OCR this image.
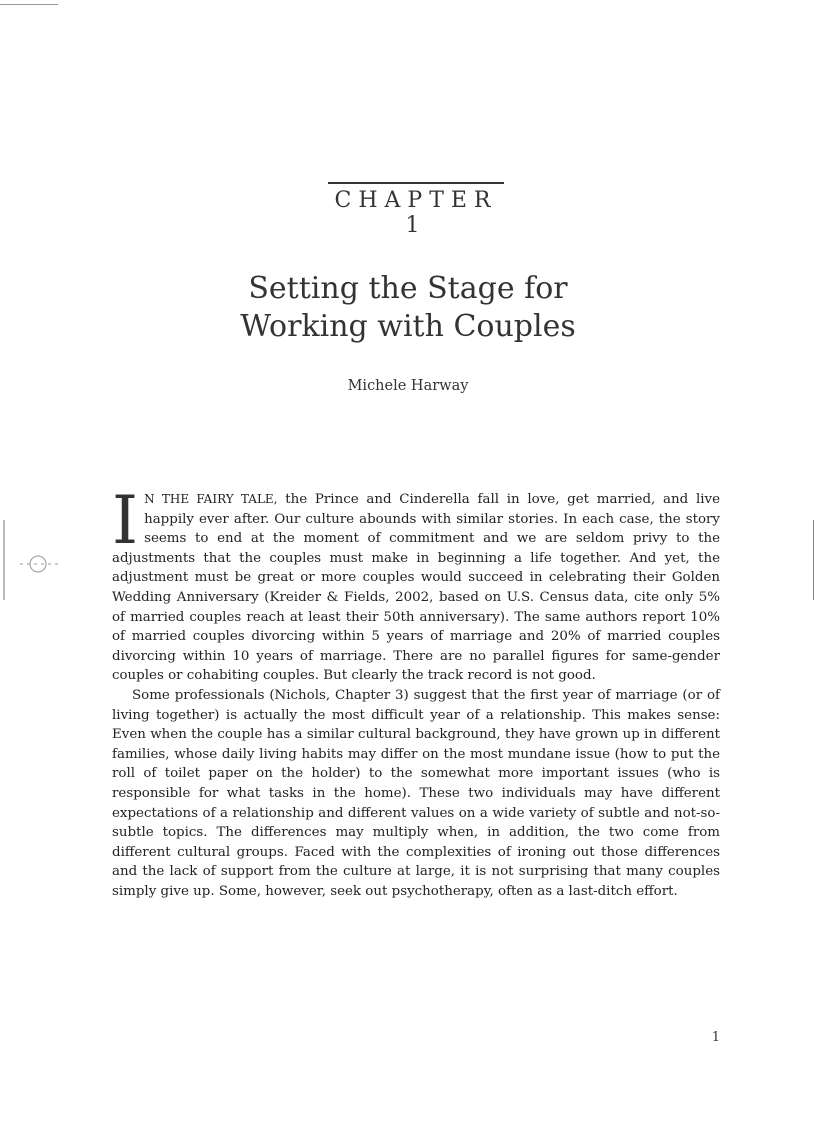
CHAPTER 1
Setting the Stage for
Working with Couples
Michele Harway

I N THE FAIRY TALE, the Prince and Cinderella fall in love, get married, and live happily ever after. Our culture abounds with similar stories. In each case, the story seems to end at the moment of commitment and we are seldom privy to the adjustments that the couples must make in beginning a life together. And yet, the adjustment must be great or more couples would succeed in celebrating their Golden Wedding Anniversary (Kreider & Fields, 2002, based on U.S. Census data, cite only 5% of married couples reach at least their 50th anniversary). The same authors report 10% of married couples divorcing within 5 years of marriage and 20% of married couples divorcing within 10 years of marriage. There are no parallel figures for same-gender couples or cohabiting couples. But clearly the track record is not good.

Some professionals (Nichols, Chapter 3) suggest that the first year of marriage (or of living together) is actually the most difficult year of a relationship. This makes sense: Even when the couple has a similar cultural background, they have grown up in different families, whose daily living habits may differ on the most mundane issue (how to put the roll of toilet paper on the holder) to the somewhat more important issues (who is responsible for what tasks in the home). These two individuals may have different expectations of a relationship and different values on a wide variety of subtle and not-so-subtle topics. The differences may multiply when, in addition, the two come from different cultural groups. Faced with the complexities of ironing out those differences and the lack of support from the culture at large, it is not surprising that many couples simply give up. Some, however, seek out psychotherapy, often as a last-ditch effort.

1
